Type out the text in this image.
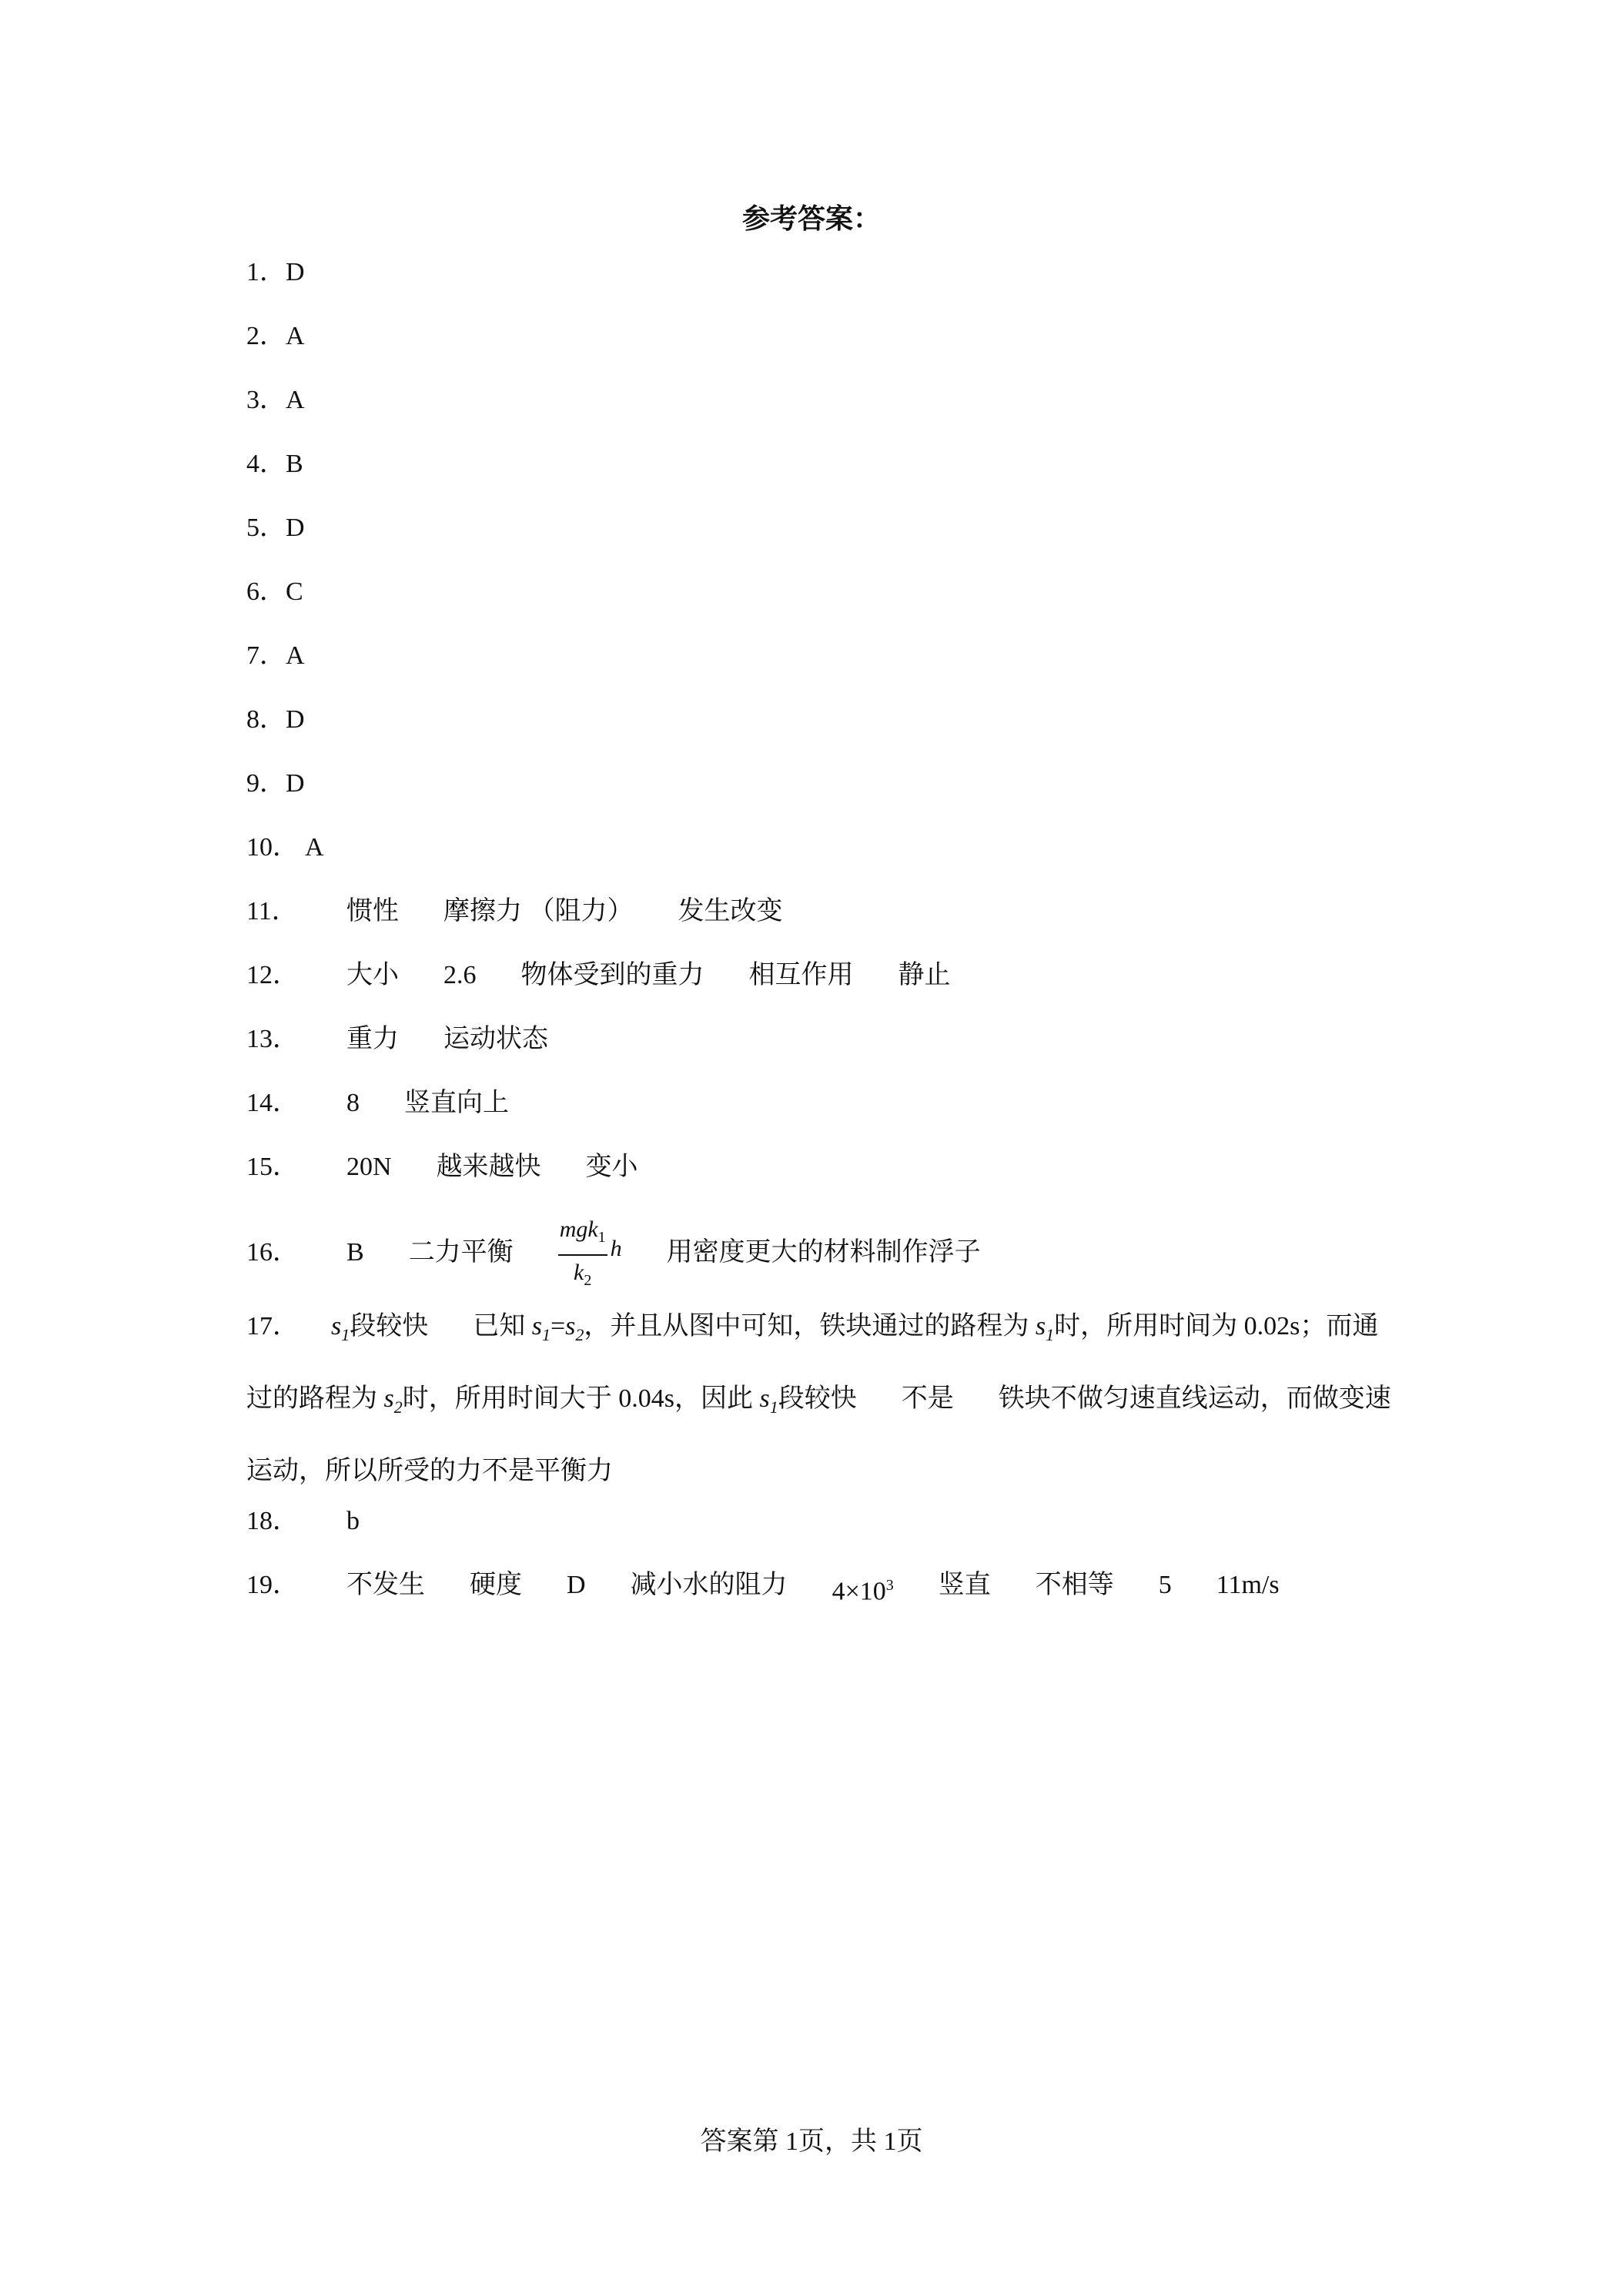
参考答案：
1．D
2．A
3．A
4．B
5．D
6．C
7．A
8．D
9．D
10． A
11． 惯性 摩擦力 （阻力） 发生改变
12． 大小 2.6 物体受到的重力 相互作用 静止
13． 重力 运动状态
14． 8 竖直向上
15． 20N 越来越快 变小
16． B 二力平衡 $\frac{mgk_1}{k_2}$ h 用密度更大的材料制作浮子
17． $s_1$段较快 已知 $s_1=s_2$，并且从图中可知，铁块通过的路程为 $s_1$时，所用时间为 0.02s；而通过的路程为 $s_2$时，所用时间大于 0.04s，因此 $s_1$段较快 不是 铁块不做匀速直线运动，而做变速运动，所以所受的力不是平衡力
18． b
19． 不发生 硬度 D 减小水的阻力 $4\times 10^3$ 竖直 不相等 5 11m/s
答案第 1页，共 1页
